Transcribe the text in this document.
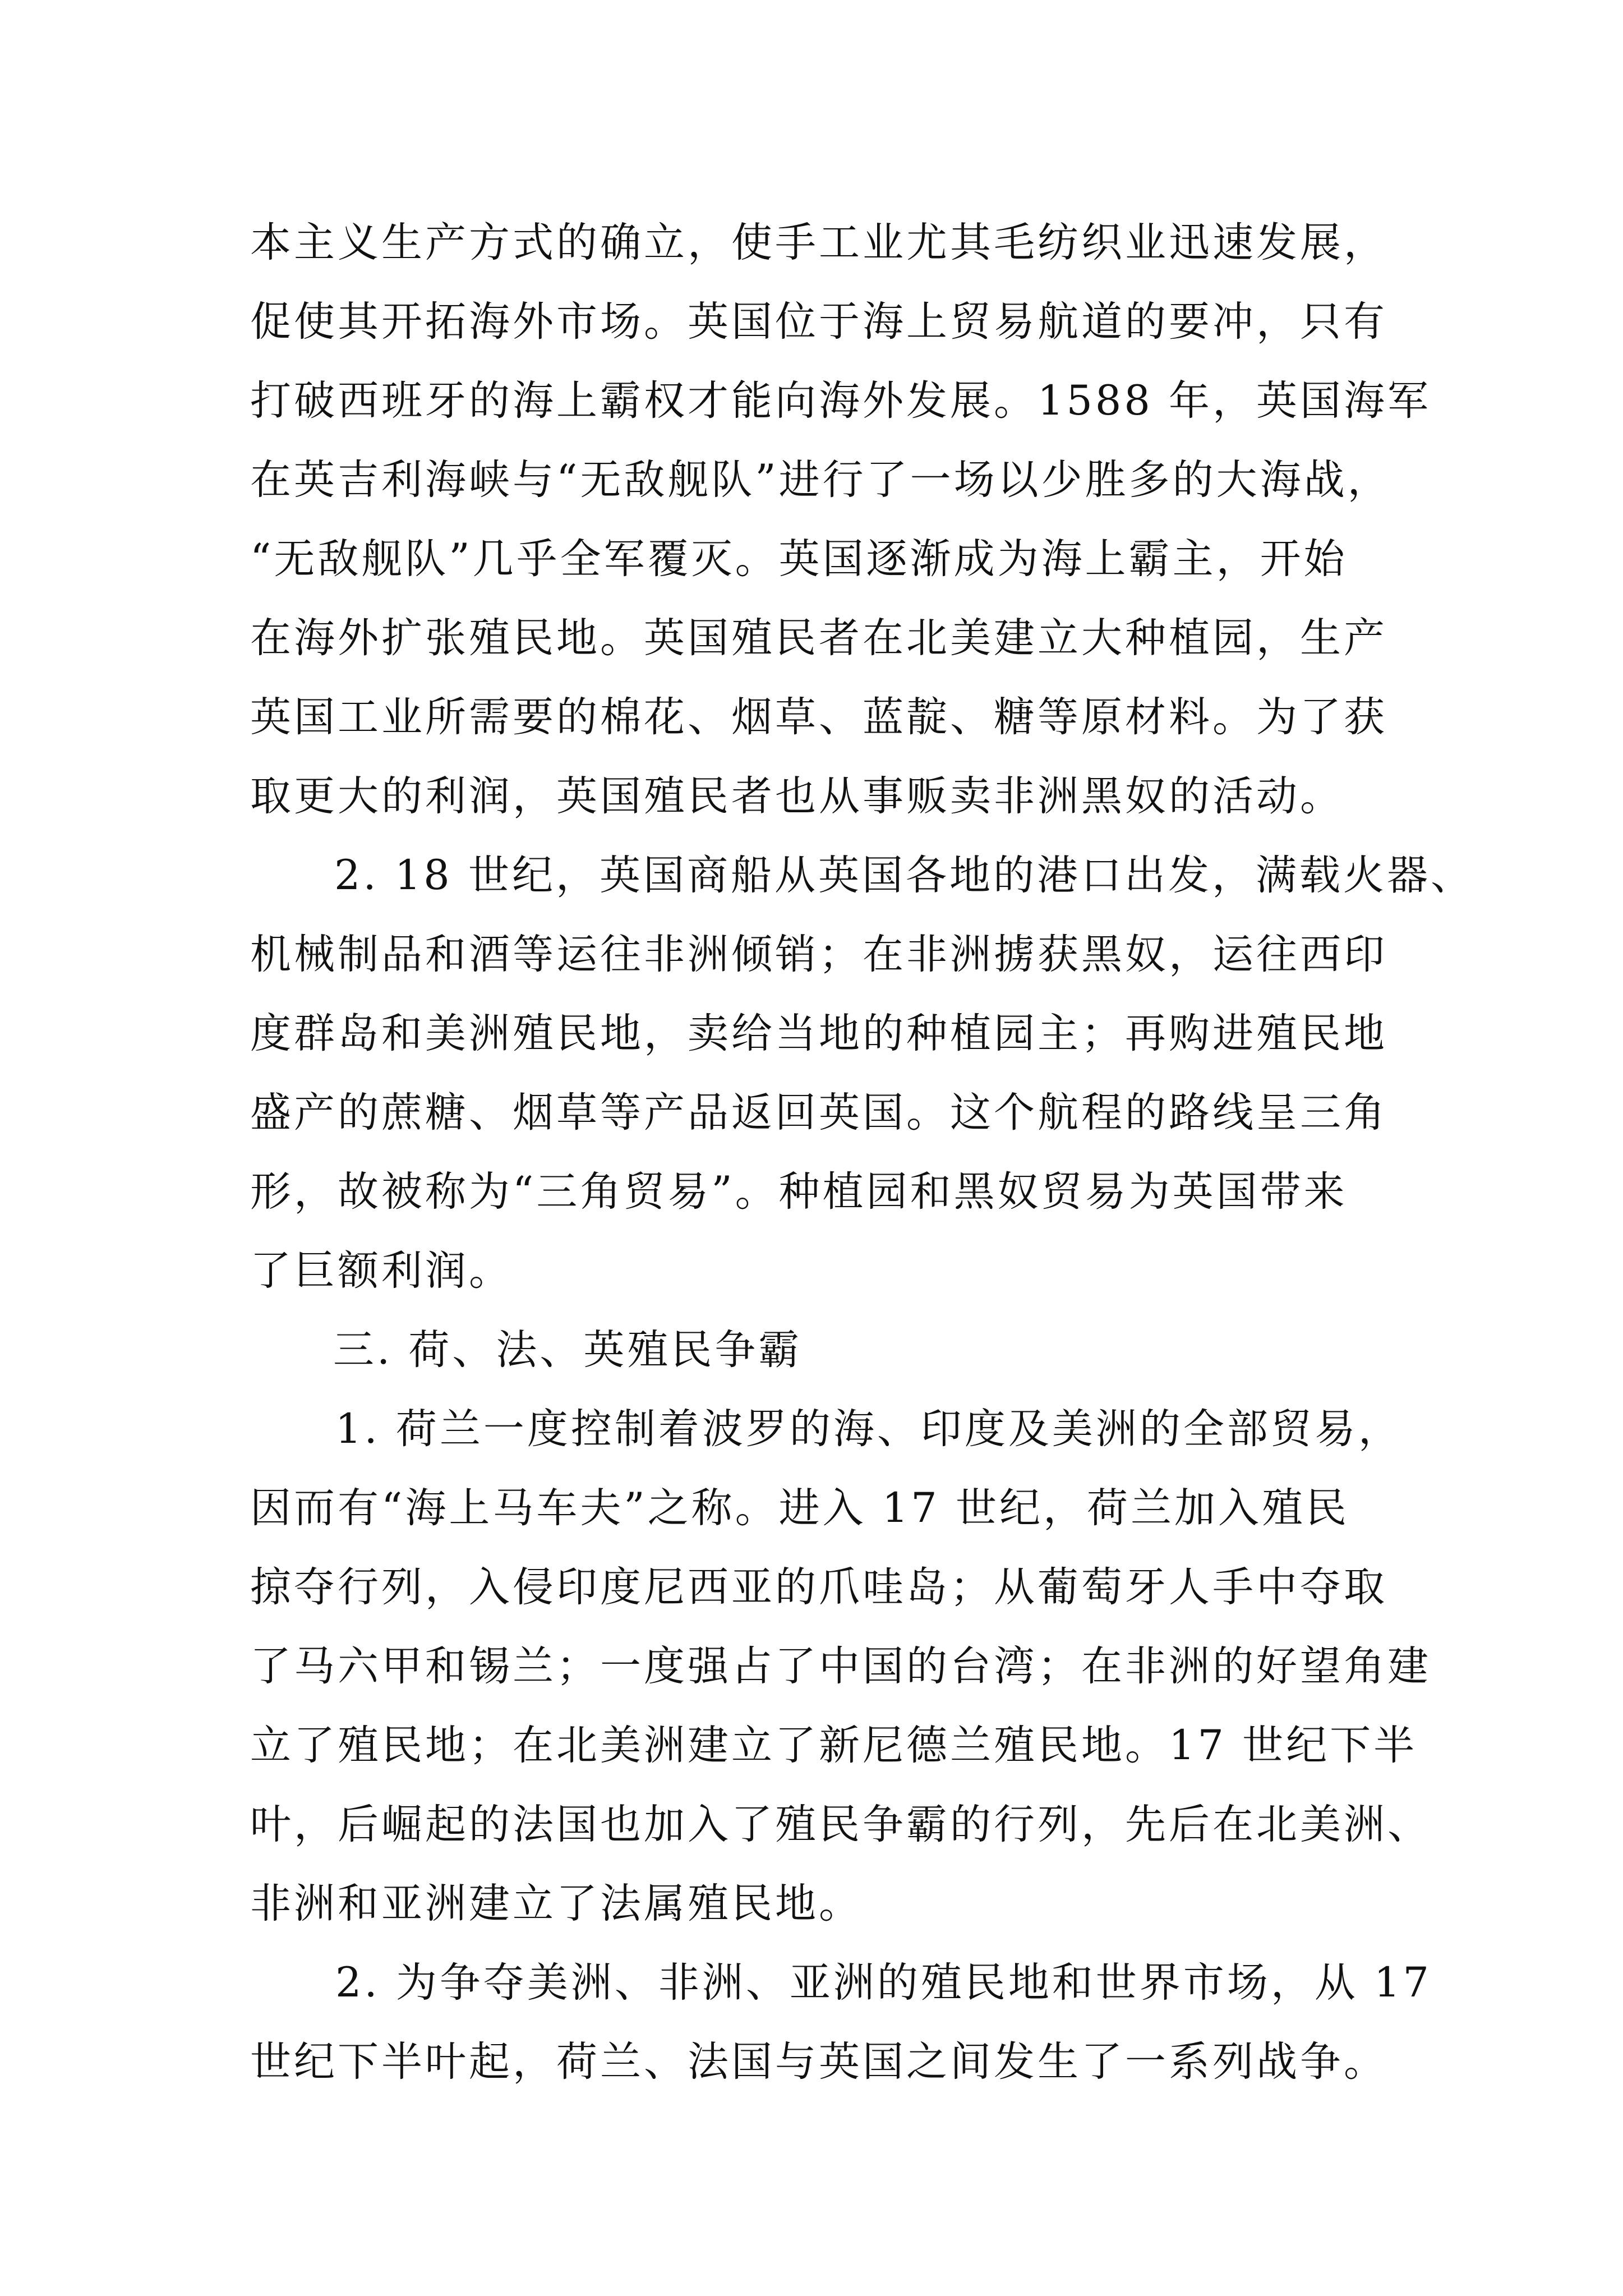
本主义生产方式的确立，使手工业尤其毛纺织业迅速发展，
促使其开拓海外市场。英国位于海上贸易航道的要冲，只有
打破西班牙的海上霸权才能向海外发展。1588 年，英国海军
在英吉利海峡与“无敌舰队”进行了一场以少胜多的大海战，
“无敌舰队”几乎全军覆灭。英国逐渐成为海上霸主，开始
在海外扩张殖民地。英国殖民者在北美建立大种植园，生产
英国工业所需要的棉花、烟草、蓝靛、糖等原材料。为了获
取更大的利润，英国殖民者也从事贩卖非洲黑奴的活动。
2. 18 世纪，英国商船从英国各地的港口出发，满载火器、
机械制品和酒等运往非洲倾销；在非洲掳获黑奴，运往西印
度群岛和美洲殖民地，卖给当地的种植园主；再购进殖民地
盛产的蔗糖、烟草等产品返回英国。这个航程的路线呈三角
形，故被称为“三角贸易”。种植园和黑奴贸易为英国带来
了巨额利润。
三. 荷、法、英殖民争霸
1. 荷兰一度控制着波罗的海、印度及美洲的全部贸易，
因而有“海上马车夫”之称。进入 17 世纪，荷兰加入殖民
掠夺行列，入侵印度尼西亚的爪哇岛；从葡萄牙人手中夺取
了马六甲和锡兰；一度强占了中国的台湾；在非洲的好望角建
立了殖民地；在北美洲建立了新尼德兰殖民地。17 世纪下半
叶，后崛起的法国也加入了殖民争霸的行列，先后在北美洲、
非洲和亚洲建立了法属殖民地。
2. 为争夺美洲、非洲、亚洲的殖民地和世界市场，从 17
世纪下半叶起，荷兰、法国与英国之间发生了一系列战争。
